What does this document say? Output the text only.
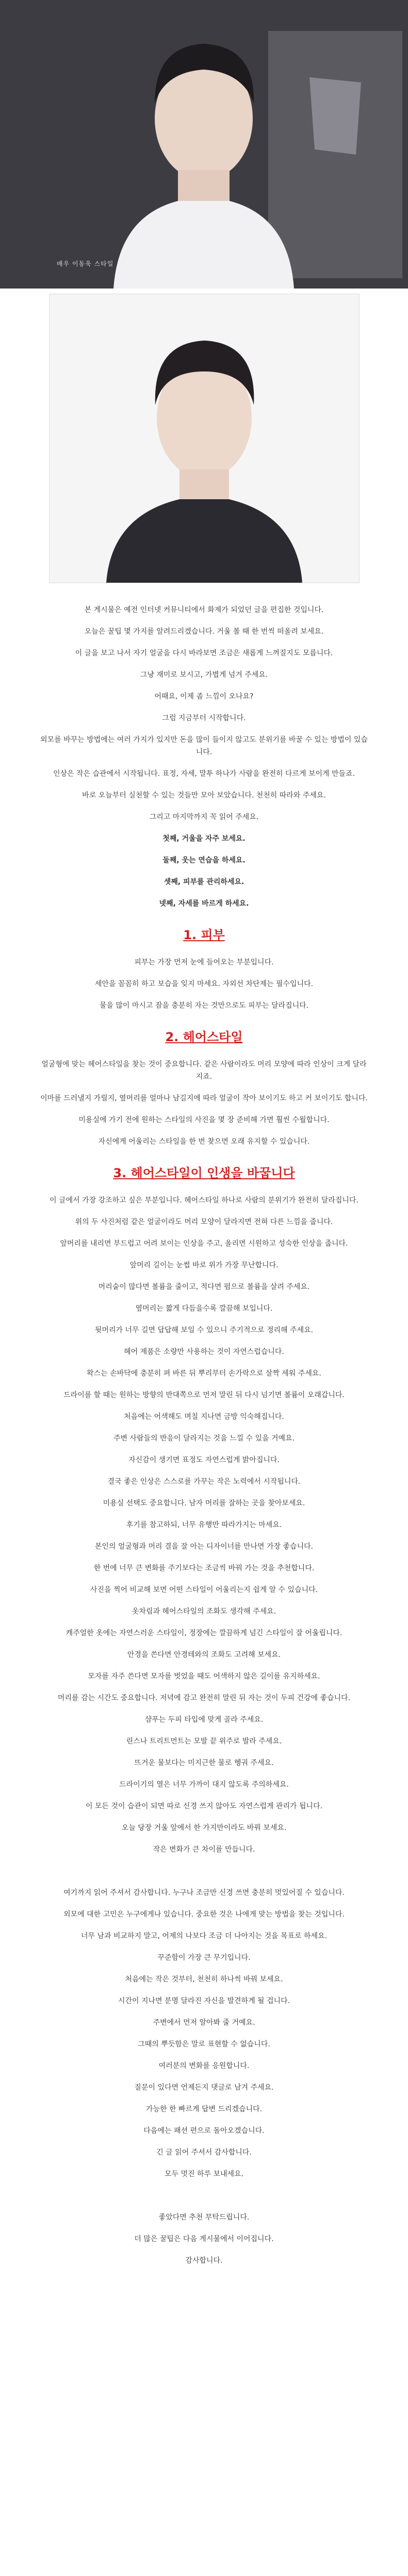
배우 이동욱 스타일

본 게시물은 예전 인터넷 커뮤니티에서 화제가 되었던 글을 편집한 것입니다.

오늘은 꿀팁 몇 가지를 알려드리겠습니다. 거울 볼 때 한 번씩 떠올려 보세요.

이 글을 보고 나서 자기 얼굴을 다시 바라보면 조금은 새롭게 느껴질지도 모릅니다.

그냥 재미로 보시고, 가볍게 넘겨 주세요.

어때요, 이제 좀 느낌이 오나요?

그럼 지금부터 시작합니다.

외모를 바꾸는 방법에는 여러 가지가 있지만 돈을 많이 들이지 않고도 분위기를 바꿀 수 있는 방법이 있습니다.

인상은 작은 습관에서 시작됩니다. 표정, 자세, 말투 하나가 사람을 완전히 다르게 보이게 만들죠.

바로 오늘부터 실천할 수 있는 것들만 모아 보았습니다. 천천히 따라와 주세요.

그리고 마지막까지 꼭 읽어 주세요.

첫째, 거울을 자주 보세요.

둘째, 웃는 연습을 하세요.

셋째, 피부를 관리하세요.

넷째, 자세를 바르게 하세요.

1. 피부

피부는 가장 먼저 눈에 들어오는 부분입니다.

세안을 꼼꼼히 하고 보습을 잊지 마세요. 자외선 차단제는 필수입니다.

물을 많이 마시고 잠을 충분히 자는 것만으로도 피부는 달라집니다.

2. 헤어스타일

얼굴형에 맞는 헤어스타일을 찾는 것이 중요합니다. 같은 사람이라도 머리 모양에 따라 인상이 크게 달라지죠.

이마를 드러낼지 가릴지, 옆머리를 얼마나 남길지에 따라 얼굴이 작아 보이기도 하고 커 보이기도 합니다.

미용실에 가기 전에 원하는 스타일의 사진을 몇 장 준비해 가면 훨씬 수월합니다.

자신에게 어울리는 스타일을 한 번 찾으면 오래 유지할 수 있습니다.

3. 헤어스타일이 인생을 바꿉니다

이 글에서 가장 강조하고 싶은 부분입니다. 헤어스타일 하나로 사람의 분위기가 완전히 달라집니다.

위의 두 사진처럼 같은 얼굴이라도 머리 모양이 달라지면 전혀 다른 느낌을 줍니다.

앞머리를 내리면 부드럽고 어려 보이는 인상을 주고, 올리면 시원하고 성숙한 인상을 줍니다.

앞머리 길이는 눈썹 바로 위가 가장 무난합니다.

머리숱이 많다면 볼륨을 줄이고, 적다면 펌으로 볼륨을 살려 주세요.

옆머리는 짧게 다듬을수록 깔끔해 보입니다.

뒷머리가 너무 길면 답답해 보일 수 있으니 주기적으로 정리해 주세요.

헤어 제품은 소량만 사용하는 것이 자연스럽습니다.

왁스는 손바닥에 충분히 펴 바른 뒤 뿌리부터 손가락으로 살짝 세워 주세요.

드라이를 할 때는 원하는 방향의 반대쪽으로 먼저 말린 뒤 다시 넘기면 볼륨이 오래갑니다.

처음에는 어색해도 며칠 지나면 금방 익숙해집니다.

주변 사람들의 반응이 달라지는 것을 느낄 수 있을 거예요.

자신감이 생기면 표정도 자연스럽게 밝아집니다.

결국 좋은 인상은 스스로를 가꾸는 작은 노력에서 시작됩니다.

미용실 선택도 중요합니다. 남자 머리를 잘하는 곳을 찾아보세요.

후기를 참고하되, 너무 유행만 따라가지는 마세요.

본인의 얼굴형과 머리 결을 잘 아는 디자이너를 만나면 가장 좋습니다.

한 번에 너무 큰 변화를 주기보다는 조금씩 바꿔 가는 것을 추천합니다.

사진을 찍어 비교해 보면 어떤 스타일이 어울리는지 쉽게 알 수 있습니다.

옷차림과 헤어스타일의 조화도 생각해 주세요.

캐주얼한 옷에는 자연스러운 스타일이, 정장에는 깔끔하게 넘긴 스타일이 잘 어울립니다.

안경을 쓴다면 안경테와의 조화도 고려해 보세요.

모자를 자주 쓴다면 모자를 벗었을 때도 어색하지 않은 길이를 유지하세요.

머리를 감는 시간도 중요합니다. 저녁에 감고 완전히 말린 뒤 자는 것이 두피 건강에 좋습니다.

샴푸는 두피 타입에 맞게 골라 주세요.

린스나 트리트먼트는 모발 끝 위주로 발라 주세요.

뜨거운 물보다는 미지근한 물로 헹궈 주세요.

드라이기의 열은 너무 가까이 대지 않도록 주의하세요.

이 모든 것이 습관이 되면 따로 신경 쓰지 않아도 자연스럽게 관리가 됩니다.

오늘 당장 거울 앞에서 한 가지만이라도 바꿔 보세요.

작은 변화가 큰 차이를 만듭니다.

여기까지 읽어 주셔서 감사합니다. 누구나 조금만 신경 쓰면 충분히 멋있어질 수 있습니다.

외모에 대한 고민은 누구에게나 있습니다. 중요한 것은 나에게 맞는 방법을 찾는 것입니다.

너무 남과 비교하지 말고, 어제의 나보다 조금 더 나아지는 것을 목표로 하세요.

꾸준함이 가장 큰 무기입니다.

처음에는 작은 것부터, 천천히 하나씩 바꿔 보세요.

시간이 지나면 분명 달라진 자신을 발견하게 될 겁니다.

주변에서 먼저 알아봐 줄 거예요.

그때의 뿌듯함은 말로 표현할 수 없습니다.

여러분의 변화를 응원합니다.

질문이 있다면 언제든지 댓글로 남겨 주세요.

가능한 한 빠르게 답변 드리겠습니다.

다음에는 패션 편으로 돌아오겠습니다.

긴 글 읽어 주셔서 감사합니다.

모두 멋진 하루 보내세요.

좋았다면 추천 부탁드립니다.

더 많은 꿀팁은 다음 게시물에서 이어집니다.

감사합니다.
